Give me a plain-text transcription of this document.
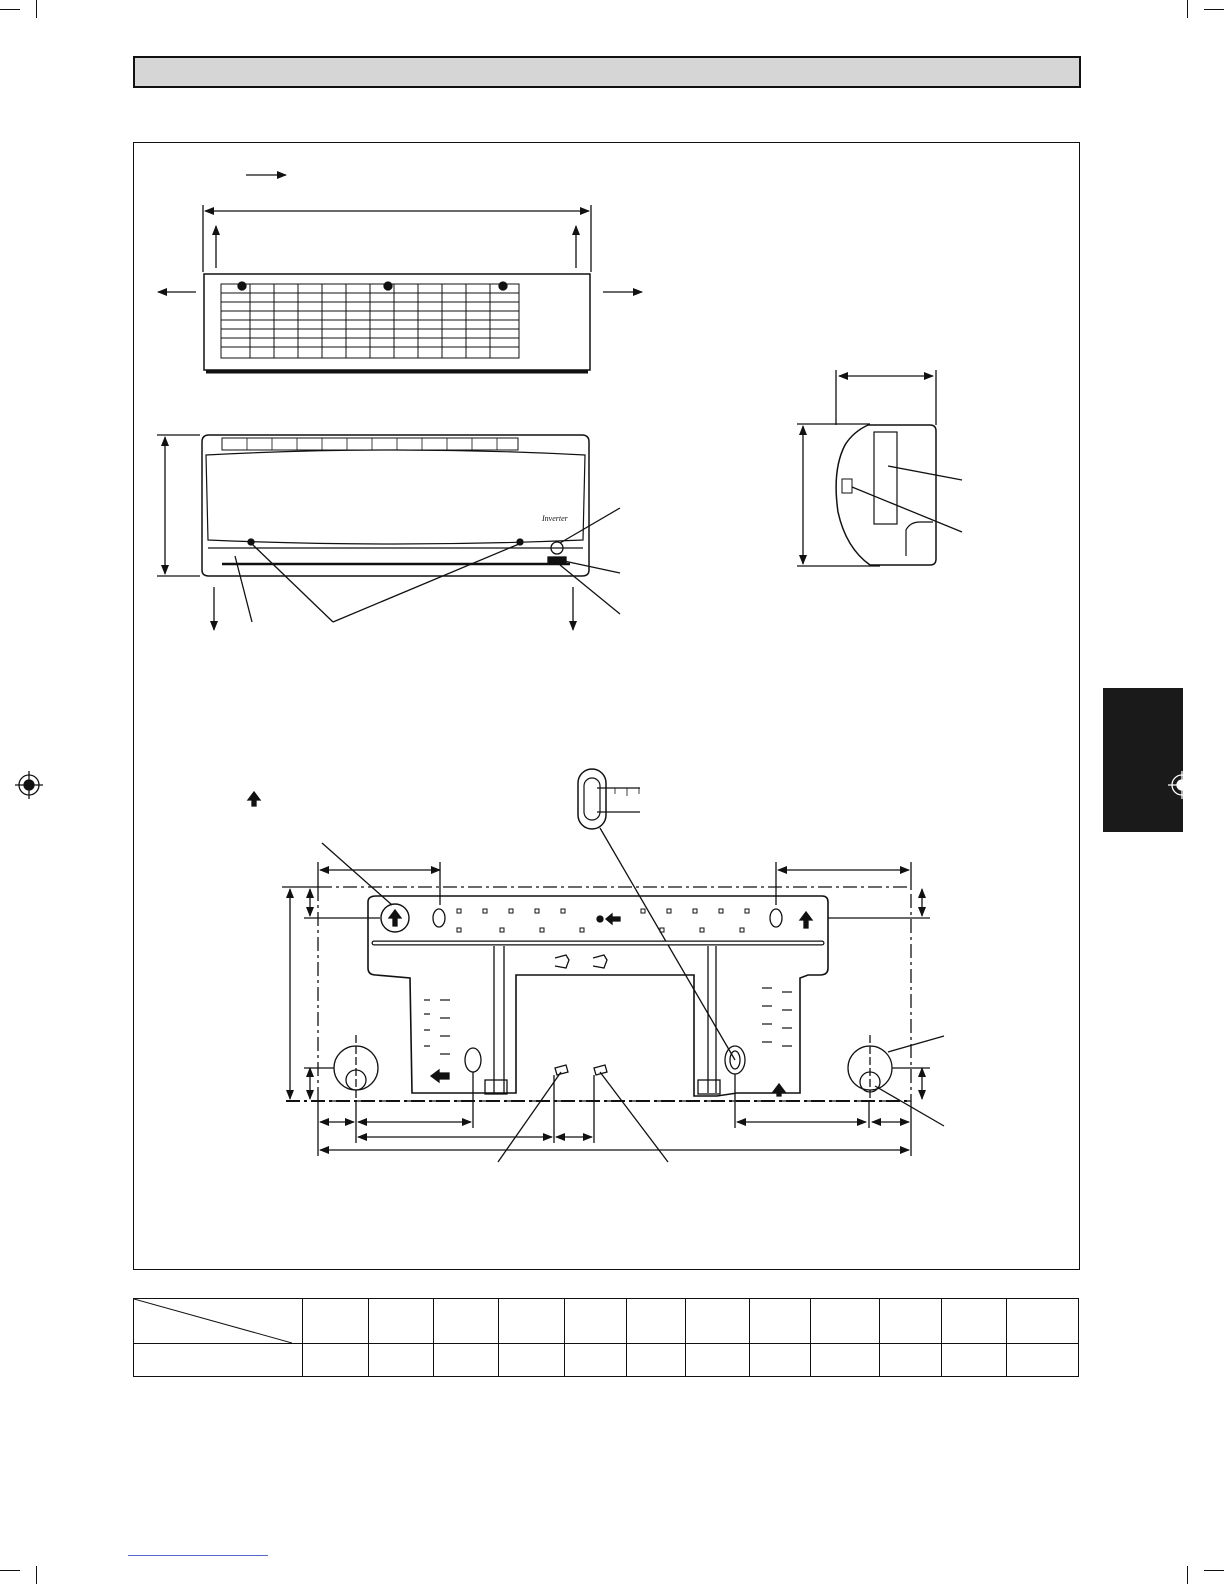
Inverter
